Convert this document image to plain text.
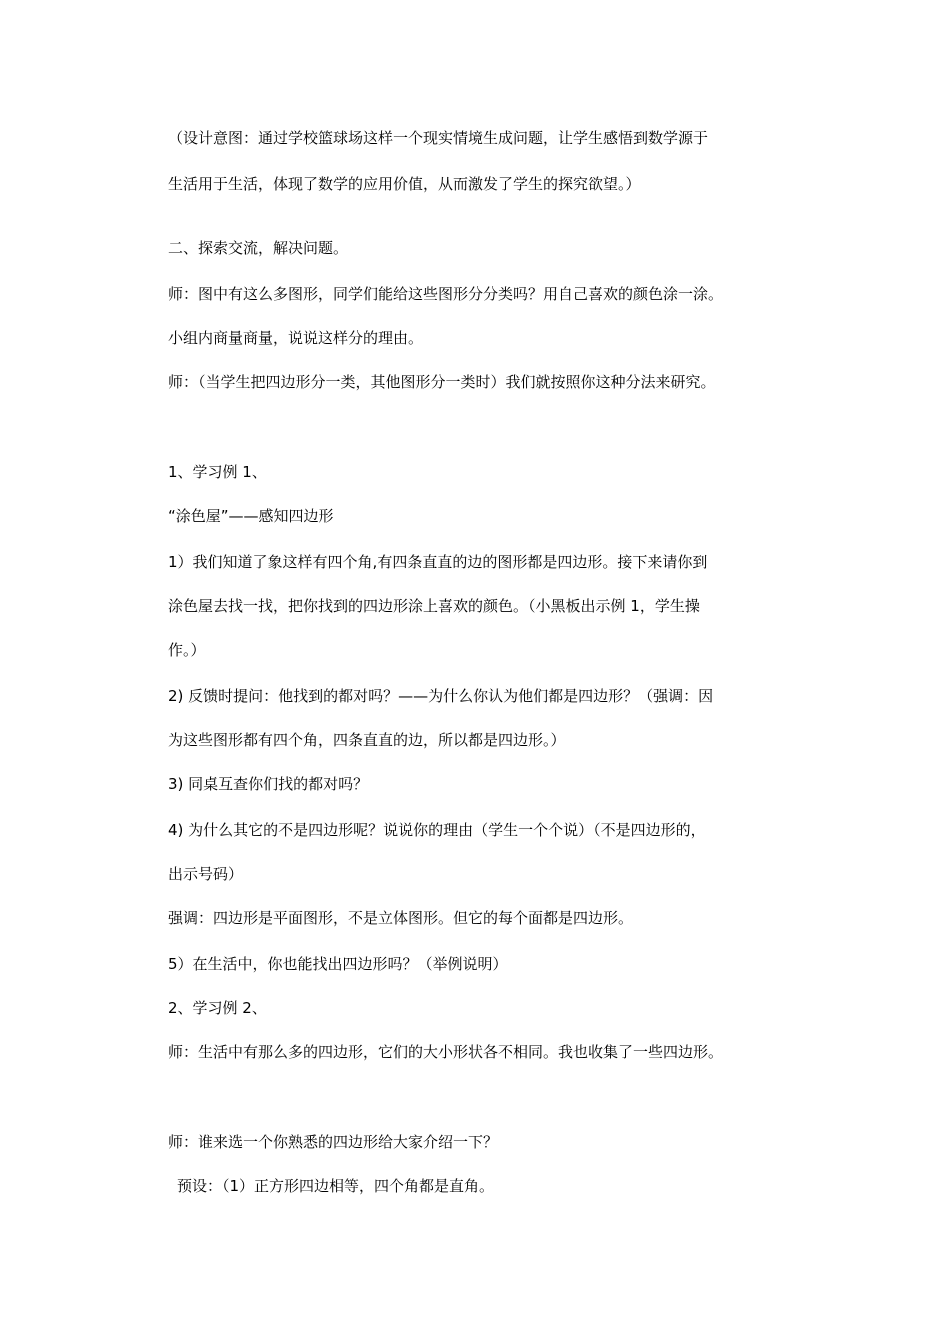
（设计意图：通过学校篮球场这样一个现实情境生成问题，让学生感悟到数学源于
生活用于生活，体现了数学的应用价值，从而激发了学生的探究欲望。）
二、探索交流，解决问题。
师：图中有这么多图形，同学们能给这些图形分分类吗？用自己喜欢的颜色涂一涂。
小组内商量商量，说说这样分的理由。
师：（当学生把四边形分一类，其他图形分一类时）我们就按照你这种分法来研究。
1、学习例 1、
“涂色屋”——感知四边形
1）我们知道了象这样有四个角,有四条直直的边的图形都是四边形。接下来请你到
涂色屋去找一找，把你找到的四边形涂上喜欢的颜色。（小黑板出示例 1，学生操
作。）
2) 反馈时提问：他找到的都对吗？——为什么你认为他们都是四边形？（强调：因
为这些图形都有四个角，四条直直的边，所以都是四边形。）
3) 同桌互查你们找的都对吗？
4) 为什么其它的不是四边形呢？说说你的理由（学生一个个说）（不是四边形的，
出示号码）
强调：四边形是平面图形，不是立体图形。但它的每个面都是四边形。
5）在生活中，你也能找出四边形吗？（举例说明）
2、学习例 2、
师：生活中有那么多的四边形，它们的大小形状各不相同。我也收集了一些四边形。
师：谁来选一个你熟悉的四边形给大家介绍一下？
预设：（1）正方形四边相等，四个角都是直角。
